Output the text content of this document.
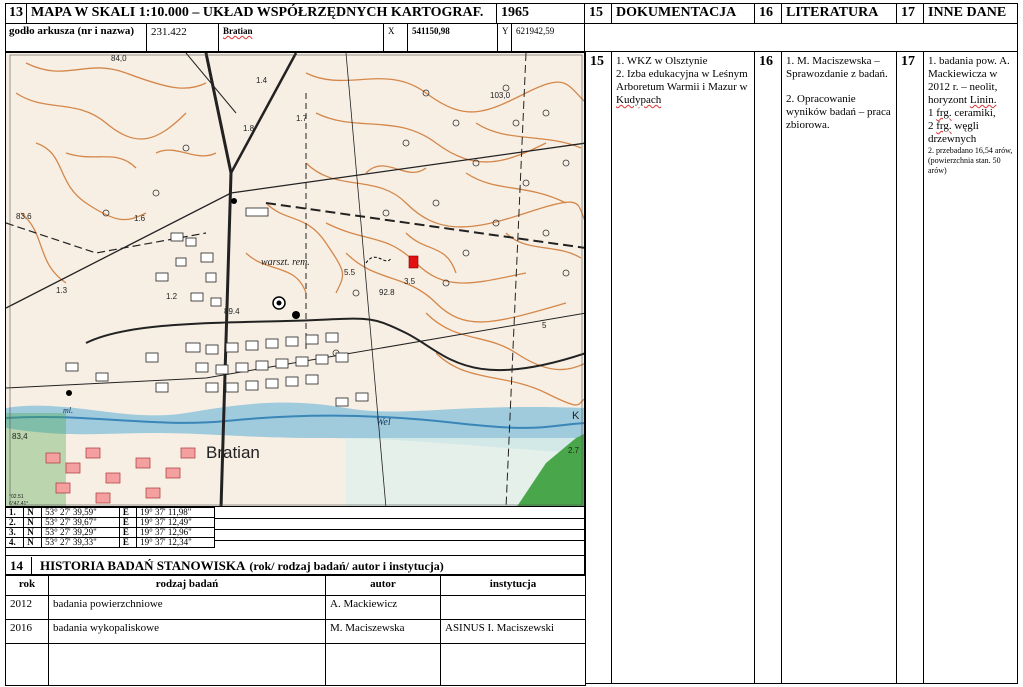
13 MAPA W SKALI 1:10.000 – UKŁAD WSPÓŁRZĘDNYCH KARTOGRAF.	1965	15 DOKUMENTACJA	16 LITERATURA	17 INNE DANE
godło arkusza (nr i nazwa)	231.422	Bratian	X	541150,98	Y 621942,59
84,0
1.4
1.7
1.8
103,0
83.6	1.6
1.3
1.2
89.4
92.8
3.5
5.5
5
83,4
K
2.7
Bratian
Wel
warszt. rem.
ml.
°02.51
6°47.41°
1.	N	53° 27' 39,59"	E	19° 37' 11,98"
2.	N	53° 27' 39,67"	E	19° 37' 12,49"
3.	N	53° 27' 39,29"	E	19° 37' 12,96"
4.	N	53° 27' 39,33"	E	19° 37' 12,34"
14 HISTORIA BADAŃ STANOWISKA (rok/ rodzaj badań/ autor i instytucja)
rok	rodzaj badań	autor	instytucja
2012	badania powierzchniowe	A. Mackiewicz	
2016	badania wykopaliskowe	M. Maciszewska	ASINUS I. Maciszewski

15	1. WKZ w Olsztynie
2. Izba edukacyjna w Leśnym Arboretum Warmii i Mazur w Kudypach
16	1. M. Maciszewska – Sprawozdanie z badań.

2. Opracowanie wyników badań – praca zbiorowa.

17	1. badania pow. A. Mackiewicza w 2012 r. – neolit, horyzont Linin.
1 frg. ceramiki,
2 frg. węgli drzewnych
2. przebadano 16,54 arów, (powierzchnia stan. 50 arów)
